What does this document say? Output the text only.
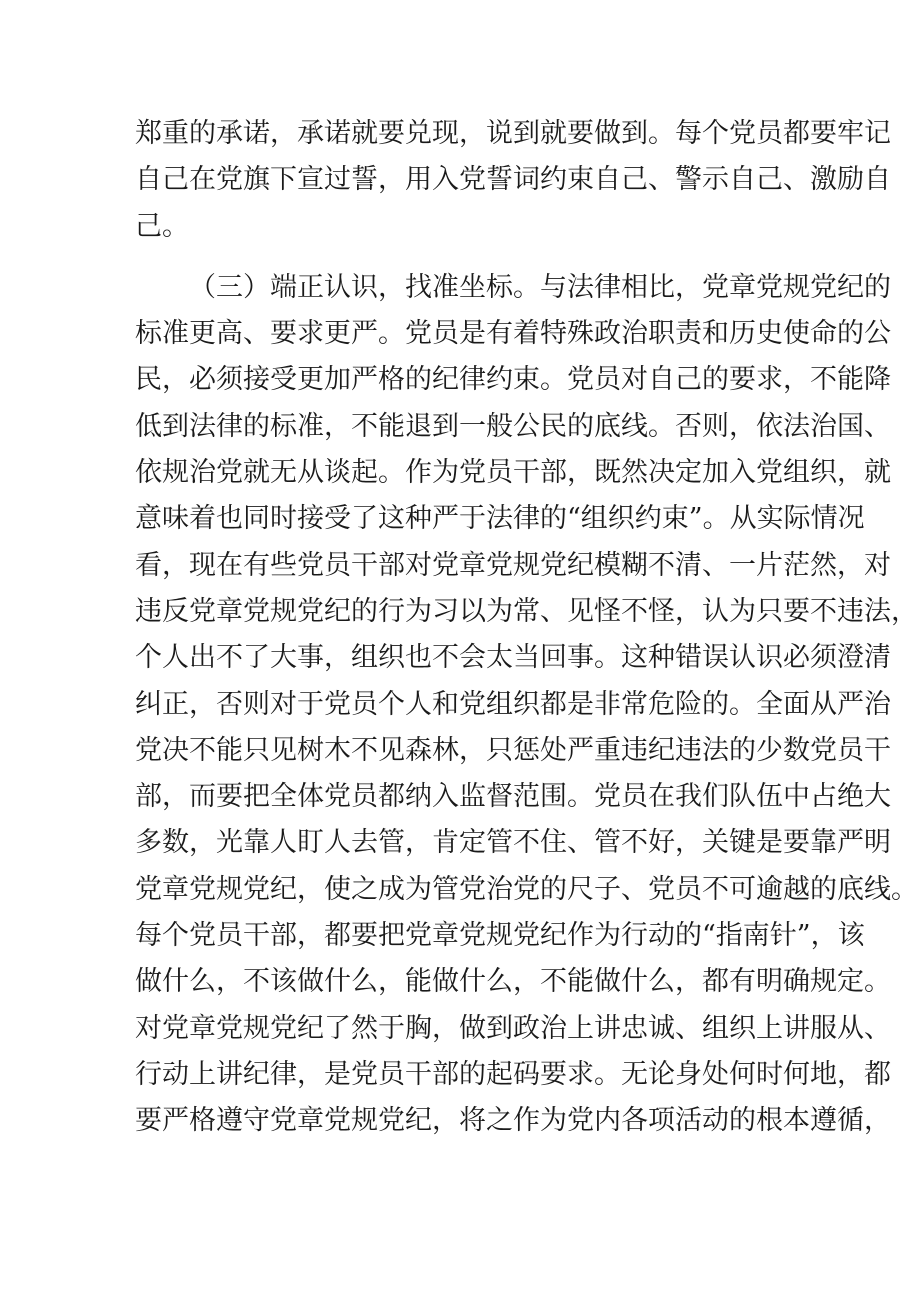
郑重的承诺，承诺就要兑现，说到就要做到。每个党员都要牢记
自己在党旗下宣过誓，用入党誓词约束自己、警示自己、激励自
己。
（三）端正认识，找准坐标。与法律相比，党章党规党纪的
标准更高、要求更严。党员是有着特殊政治职责和历史使命的公
民，必须接受更加严格的纪律约束。党员对自己的要求，不能降
低到法律的标准，不能退到一般公民的底线。否则，依法治国、
依规治党就无从谈起。作为党员干部，既然决定加入党组织，就
意味着也同时接受了这种严于法律的“组织约束”。从实际情况
看，现在有些党员干部对党章党规党纪模糊不清、一片茫然，对
违反党章党规党纪的行为习以为常、见怪不怪，认为只要不违法，
个人出不了大事，组织也不会太当回事。这种错误认识必须澄清
纠正，否则对于党员个人和党组织都是非常危险的。全面从严治
党决不能只见树木不见森林，只惩处严重违纪违法的少数党员干
部，而要把全体党员都纳入监督范围。党员在我们队伍中占绝大
多数，光靠人盯人去管，肯定管不住、管不好，关键是要靠严明
党章党规党纪，使之成为管党治党的尺子、党员不可逾越的底线。
每个党员干部，都要把党章党规党纪作为行动的“指南针”，该
做什么，不该做什么，能做什么，不能做什么，都有明确规定。
对党章党规党纪了然于胸，做到政治上讲忠诚、组织上讲服从、
行动上讲纪律，是党员干部的起码要求。无论身处何时何地，都
要严格遵守党章党规党纪，将之作为党内各项活动的根本遵循，
